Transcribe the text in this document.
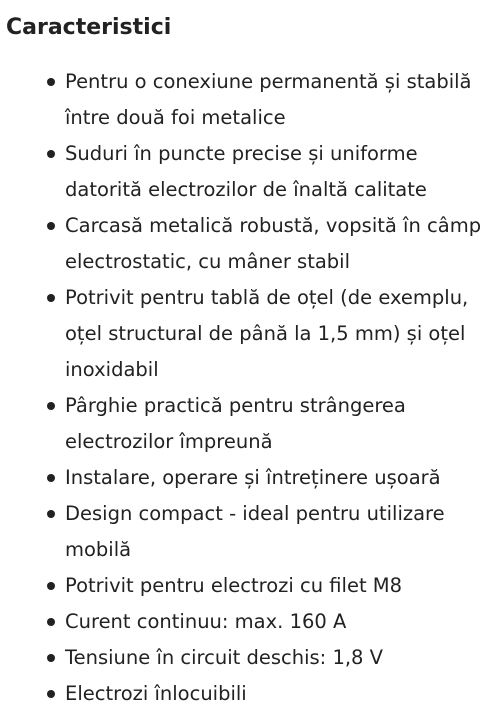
Caracteristici
Pentru o conexiune permanentă și stabilă între două foi metalice
Suduri în puncte precise și uniforme datorită electrozilor de înaltă calitate
Carcasă metalică robustă, vopsită în câmp electrostatic, cu mâner stabil
Potrivit pentru tablă de oțel (de exemplu, oțel structural de până la 1,5 mm) și oțel inoxidabil
Pârghie practică pentru strângerea electrozilor împreună
Instalare, operare și întreținere ușoară
Design compact - ideal pentru utilizare mobilă
Potrivit pentru electrozi cu filet M8
Curent continuu: max. 160 A
Tensiune în circuit deschis: 1,8 V
Electrozi înlocuibili
